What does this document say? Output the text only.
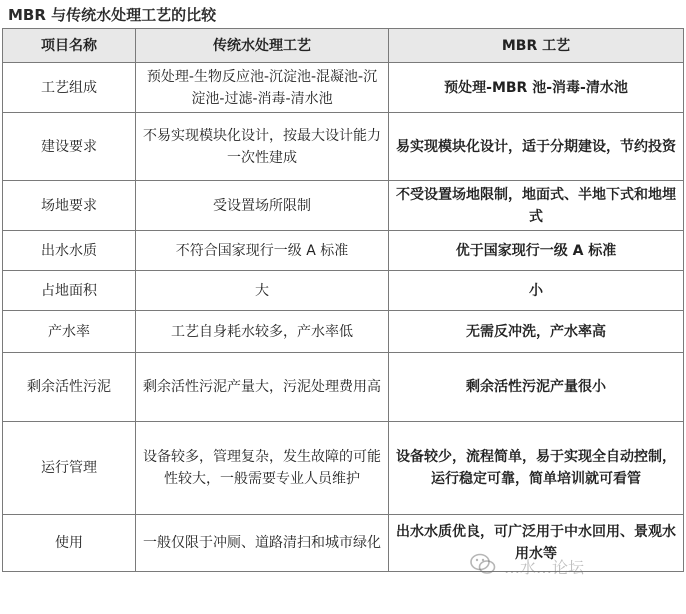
MBR 与传统水处理工艺的比较
项目名称	传统水处理工艺	MBR 工艺
工艺组成	预处理-生物反应池-沉淀池-混凝池-沉淀池-过滤-消毒-清水池	预处理-MBR 池-消毒-清水池
建设要求	不易实现模块化设计，按最大设计能力一次性建成	易实现模块化设计，适于分期建设，节约投资
场地要求	受设置场所限制	不受设置场地限制，地面式、半地下式和地埋式
出水水质	不符合国家现行一级 A 标准	优于国家现行一级 A 标准
占地面积	大	小
产水率	工艺自身耗水较多，产水率低	无需反冲洗，产水率高
剩余活性污泥	剩余活性污泥产量大，污泥处理费用高	剩余活性污泥产量很小
运行管理	设备较多，管理复杂，发生故障的可能性较大，一般需要专业人员维护	设备较少，流程简单，易于实现全自动控制，运行稳定可靠，简单培训就可看管
使用	一般仅限于冲厕、道路清扫和城市绿化	出水水质优良，可广泛用于中水回用、景观水用水等
…水…论坛
